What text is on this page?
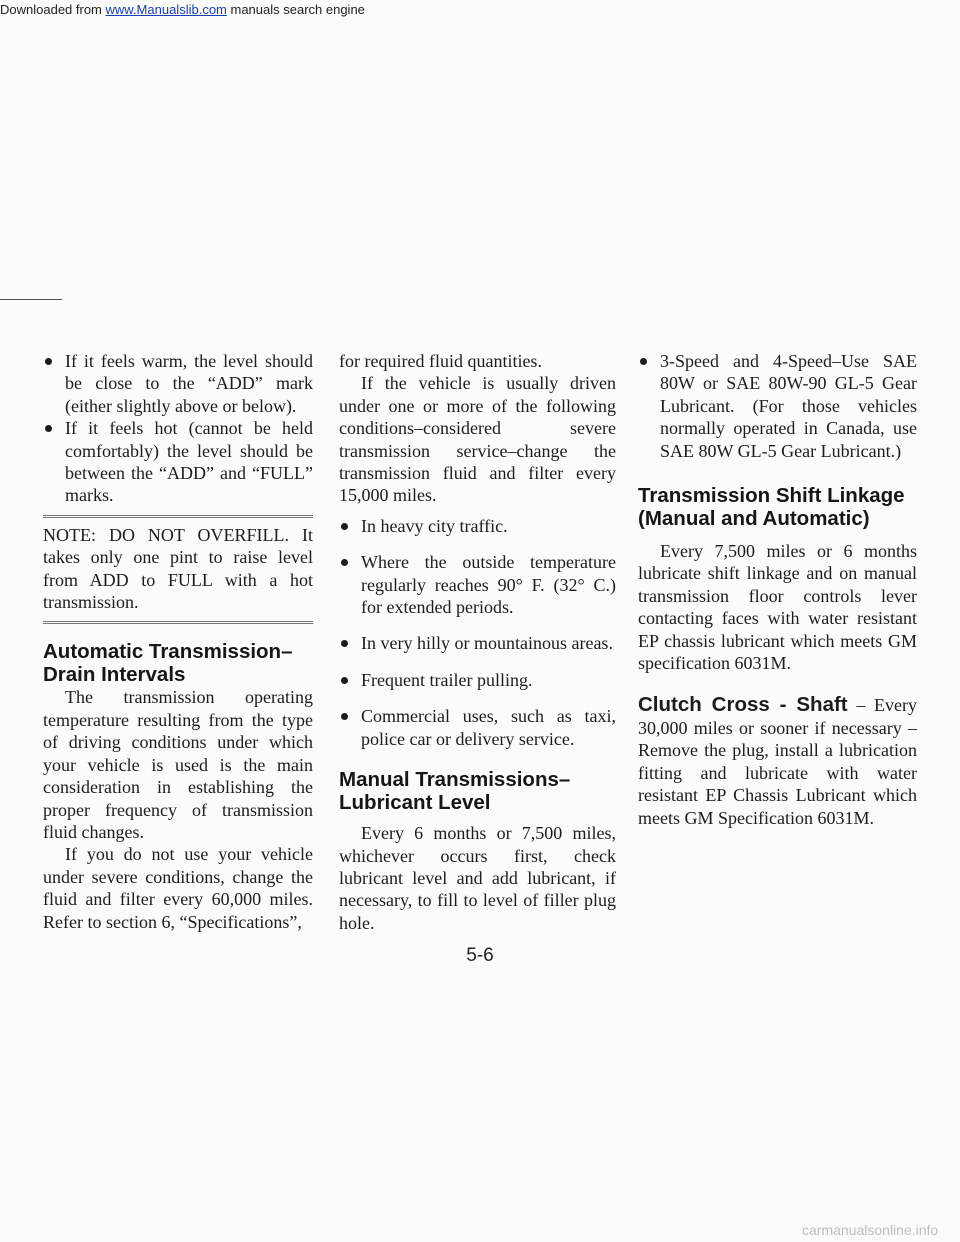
Downloaded from www.Manualslib.com manuals search engine

If it feels warm, the level should be close to the “ADD” mark (either slightly above or below).

If it feels hot (cannot be held comfortably) the level should be between the “ADD” and “FULL” marks.

NOTE: DO NOT OVERFILL. It takes only one pint to raise level from ADD to FULL with a hot transmission.

Automatic Transmission–
Drain Intervals

The transmission operating temperature resulting from the type of driving conditions under which your vehicle is used is the main consideration in establishing the proper frequency of transmission fluid changes.

If you do not use your vehicle under severe conditions, change the fluid and filter every 60,000 miles. Refer to section 6, “Specifications”,

for required fluid quantities.

If the vehicle is usually driven under one or more of the following conditions–considered severe transmission service–change the transmission fluid and filter every 15,000 miles.

In heavy city traffic.

Where the outside temperature regularly reaches 90° F. (32° C.) for extended periods.

In very hilly or mountainous areas.

Frequent trailer pulling.

Commercial uses, such as taxi, police car or delivery service.

Manual Transmissions–
Lubricant Level

Every 6 months or 7,500 miles, whichever occurs first, check lubricant level and add lubricant, if necessary, to fill to level of filler plug hole.

3-Speed and 4-Speed–Use SAE 80W or SAE 80W-90 GL-5 Gear Lubricant. (For those vehicles normally operated in Canada, use SAE 80W GL-5 Gear Lubricant.)

Transmission Shift Linkage
(Manual and Automatic)

Every 7,500 miles or 6 months lubricate shift linkage and on manual transmission floor controls lever contacting faces with water resistant EP chassis lubricant which meets GM specification 6031M.

Clutch Cross - Shaft – Every 30,000 miles or sooner if necessary –Remove the plug, install a lubrication fitting and lubricate with water resistant EP Chassis Lubricant which meets GM Specification 6031M.

5-6
carmanualsonline.info
